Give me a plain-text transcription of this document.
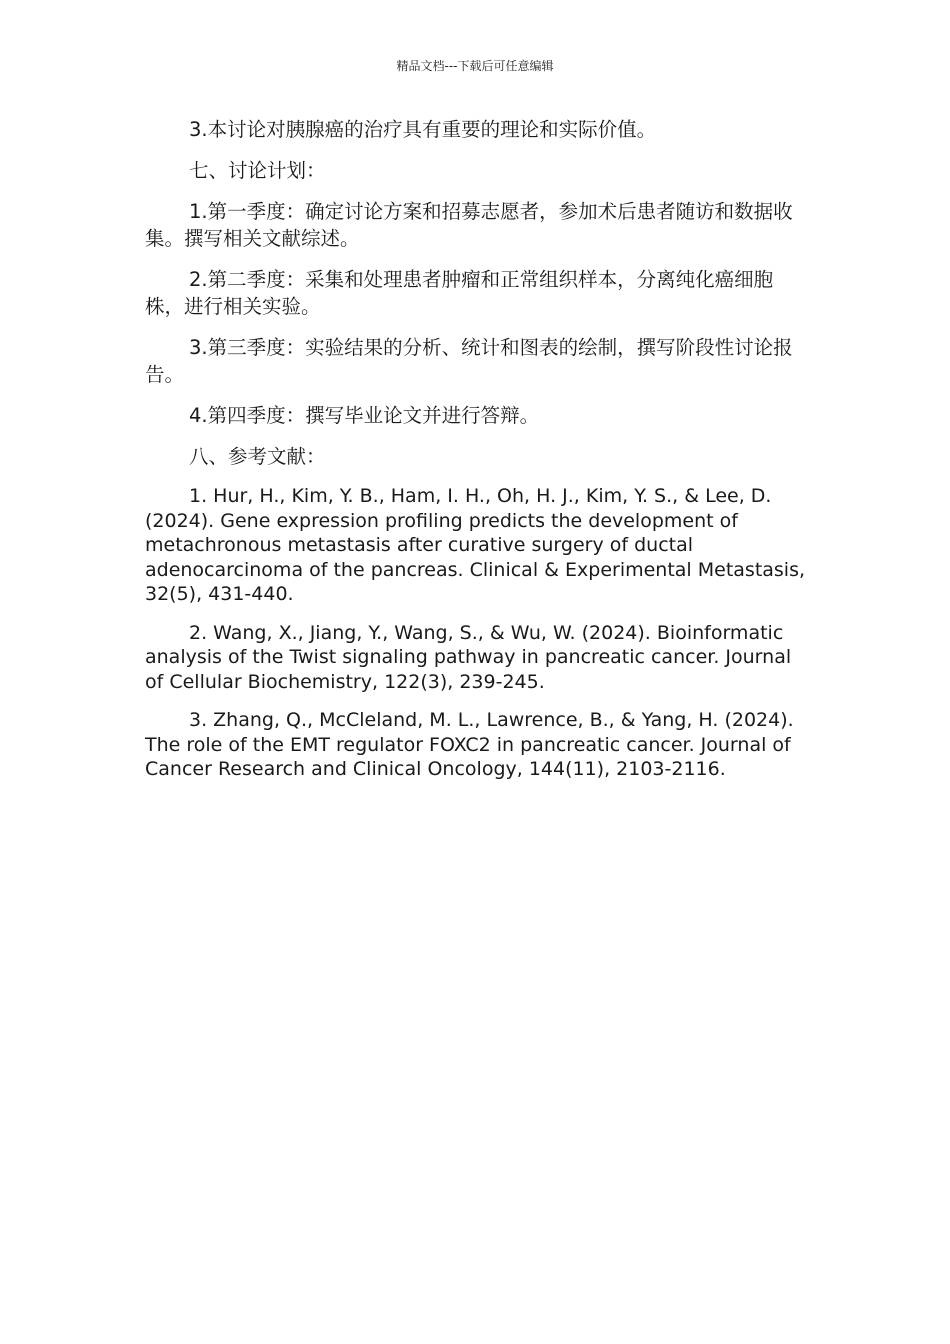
精品文档---下载后可任意编辑

3.本讨论对胰腺癌的治疗具有重要的理论和实际价值。

七、讨论计划：

1.第一季度：确定讨论方案和招募志愿者，参加术后患者随访和数据收集。撰写相关文献综述。

2.第二季度：采集和处理患者肿瘤和正常组织样本，分离纯化癌细胞株，进行相关实验。

3.第三季度：实验结果的分析、统计和图表的绘制，撰写阶段性讨论报告。

4.第四季度：撰写毕业论文并进行答辩。

八、参考文献：

1. Hur, H., Kim, Y. B., Ham, I. H., Oh, H. J., Kim, Y. S., & Lee, D. (2024). Gene expression profiling predicts the development of metachronous metastasis after curative surgery of ductal adenocarcinoma of the pancreas. Clinical & Experimental Metastasis, 32(5), 431-440.

2. Wang, X., Jiang, Y., Wang, S., & Wu, W. (2024). Bioinformatic analysis of the Twist signaling pathway in pancreatic cancer. Journal of Cellular Biochemistry, 122(3), 239-245.

3. Zhang, Q., McCleland, M. L., Lawrence, B., & Yang, H. (2024). The role of the EMT regulator FOXC2 in pancreatic cancer. Journal of Cancer Research and Clinical Oncology, 144(11), 2103-2116.
